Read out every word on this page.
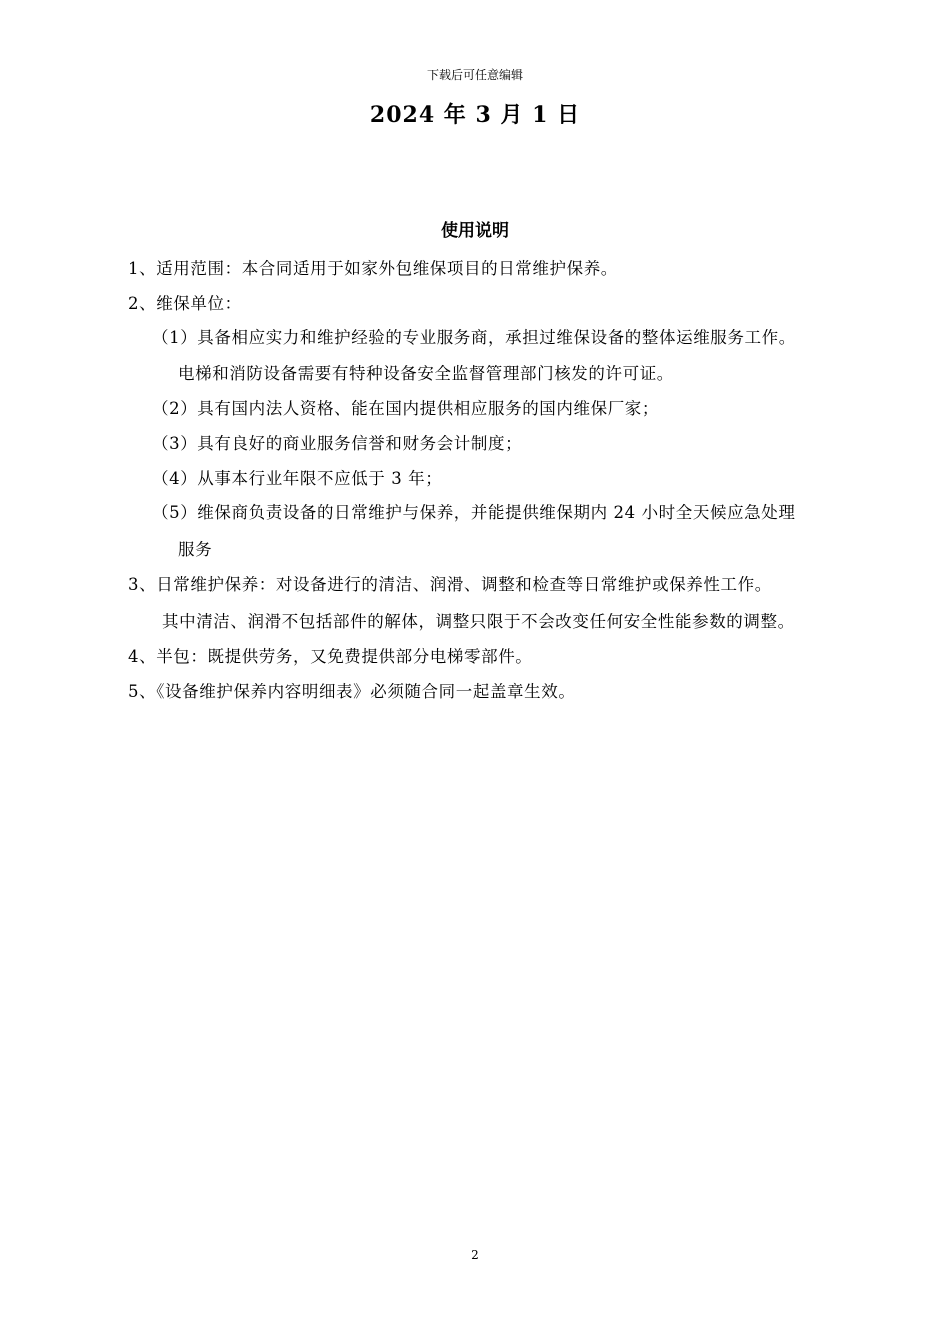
下载后可任意编辑
2024 年 3 月 1 日
使用说明
1、适用范围：本合同适用于如家外包维保项目的日常维护保养。
2、维保单位：
（1）具备相应实力和维护经验的专业服务商，承担过维保设备的整体运维服务工作。
电梯和消防设备需要有特种设备安全监督管理部门核发的许可证。
（2）具有国内法人资格、能在国内提供相应服务的国内维保厂家；
（3）具有良好的商业服务信誉和财务会计制度；
（4）从事本行业年限不应低于 3 年；
（5）维保商负责设备的日常维护与保养，并能提供维保期内 24 小时全天候应急处理
服务
3、日常维护保养：对设备进行的清洁、润滑、调整和检查等日常维护或保养性工作。
其中清洁、润滑不包括部件的解体，调整只限于不会改变任何安全性能参数的调整。
4、半包：既提供劳务，又免费提供部分电梯零部件。
5、《设备维护保养内容明细表》必须随合同一起盖章生效。
2
